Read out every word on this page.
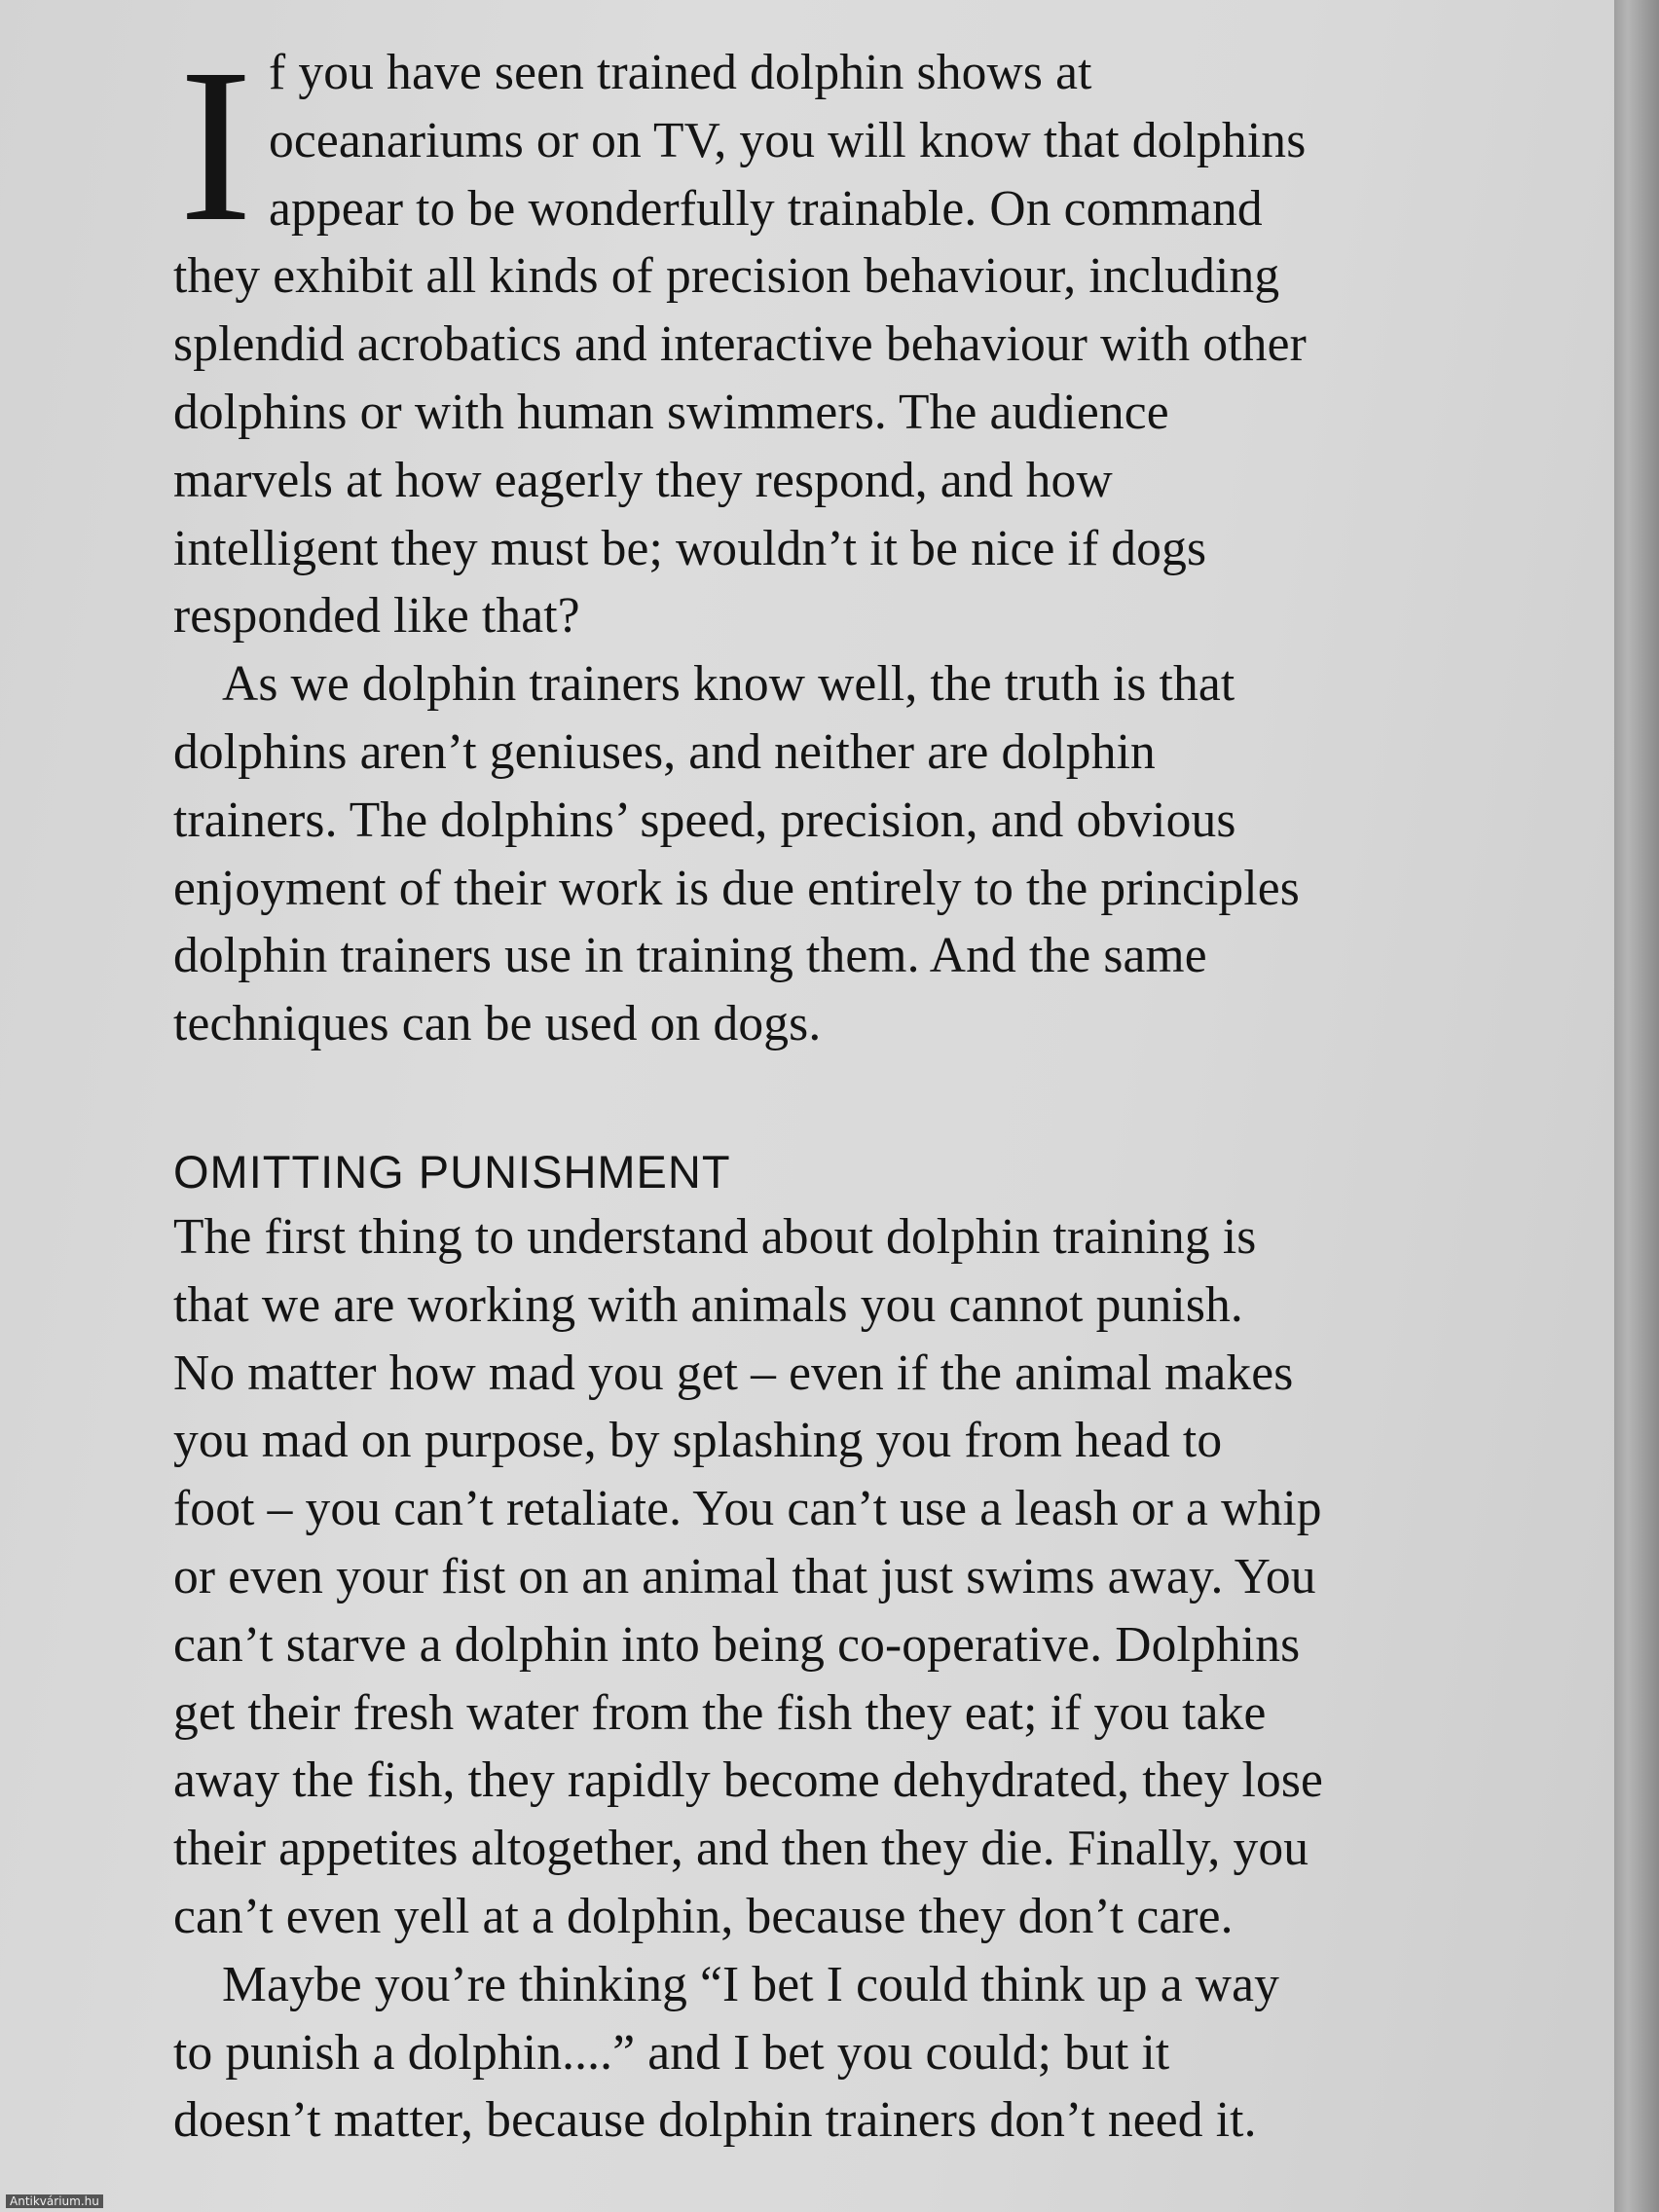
I f you have seen trained dolphin shows at
oceanariums or on TV, you will know that dolphins
appear to be wonderfully trainable. On command
they exhibit all kinds of precision behaviour, including
splendid acrobatics and interactive behaviour with other
dolphins or with human swimmers. The audience
marvels at how eagerly they respond, and how
intelligent they must be; wouldn’t it be nice if dogs
responded like that?

As we dolphin trainers know well, the truth is that
dolphins aren’t geniuses, and neither are dolphin
trainers. The dolphins’ speed, precision, and obvious
enjoyment of their work is due entirely to the principles
dolphin trainers use in training them. And the same
techniques can be used on dogs.

OMITTING PUNISHMENT

The first thing to understand about dolphin training is
that we are working with animals you cannot punish.
No matter how mad you get – even if the animal makes
you mad on purpose, by splashing you from head to
foot – you can’t retaliate. You can’t use a leash or a whip
or even your fist on an animal that just swims away. You
can’t starve a dolphin into being co-operative. Dolphins
get their fresh water from the fish they eat; if you take
away the fish, they rapidly become dehydrated, they lose
their appetites altogether, and then they die. Finally, you
can’t even yell at a dolphin, because they don’t care.

Maybe you’re thinking “I bet I could think up a way
to punish a dolphin....” and I bet you could; but it
doesn’t matter, because dolphin trainers don’t need it.

Antikvárium.hu
